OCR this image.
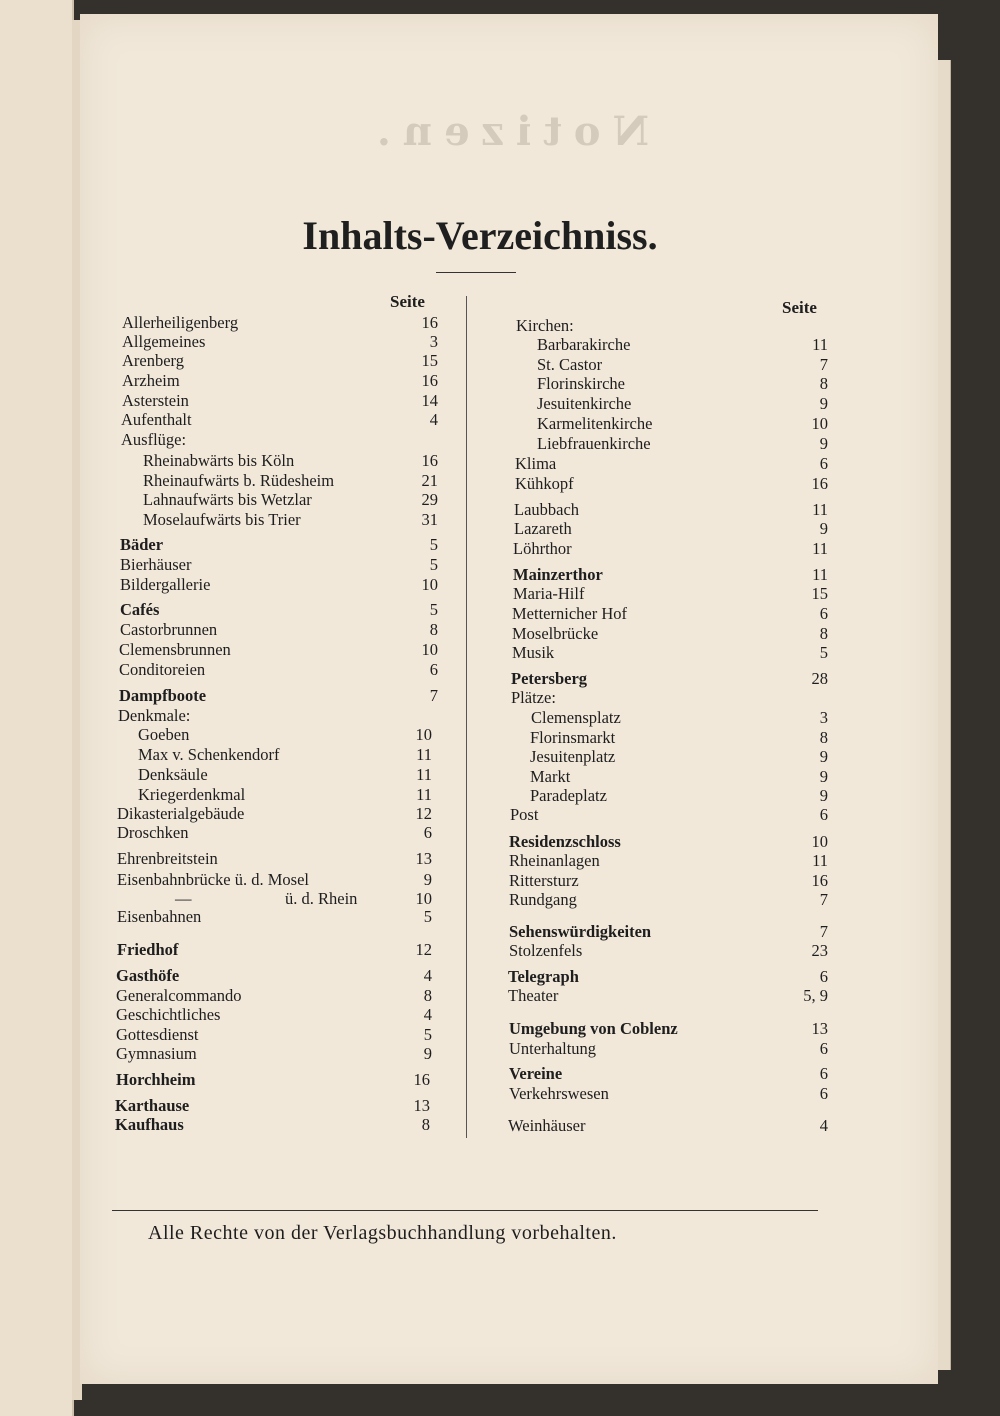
Notizen.
Inhalts-Verzeichniss.
Seite	Seite
Allerheiligenberg	16
Allgemeines	3
Arenberg	15
Arzheim	16
Asterstein	14
Aufenthalt	4
Ausflüge:
Rheinabwärts bis Köln	16
Rheinaufwärts b. Rüdesheim	21
Lahnaufwärts bis Wetzlar	29
Moselaufwärts bis Trier	31
Bäder	5
Bierhäuser	5
Bildergallerie	10
Cafés	5
Castorbrunnen	8
Clemensbrunnen	10
Conditoreien	6
Dampfboote	7
Denkmale:
Goeben	10
Max v. Schenkendorf	11
Denksäule	11
Kriegerdenkmal	11
Dikasterialgebäude	12
Droschken	6
Ehrenbreitstein	13
Eisenbahnbrücke ü. d. Mosel	9
—	ü. d. Rhein	10
Eisenbahnen	5
Friedhof	12
Gasthöfe	4
Generalcommando	8
Geschichtliches	4
Gottesdienst	5
Gymnasium	9
Horchheim	16
Karthause	13
Kaufhaus	8
Kirchen:
Barbarakirche	11
St. Castor	7
Florinskirche	8
Jesuitenkirche	9
Karmelitenkirche	10
Liebfrauenkirche	9
Klima	6
Kühkopf	16
Laubbach	11
Lazareth	9
Löhrthor	11
Mainzerthor	11
Maria-Hilf	15
Metternicher Hof	6
Moselbrücke	8
Musik	5
Petersberg	28
Plätze:
Clemensplatz	3
Florinsmarkt	8
Jesuitenplatz	9
Markt	9
Paradeplatz	9
Post	6
Residenzschloss	10
Rheinanlagen	11
Rittersturz	16
Rundgang	7
Sehenswürdigkeiten	7
Stolzenfels	23
Telegraph	6
Theater	5, 9
Umgebung von Coblenz	13
Unterhaltung	6
Vereine	6
Verkehrswesen	6
Weinhäuser	4
Alle Rechte von der Verlagsbuchhandlung vorbehalten.
